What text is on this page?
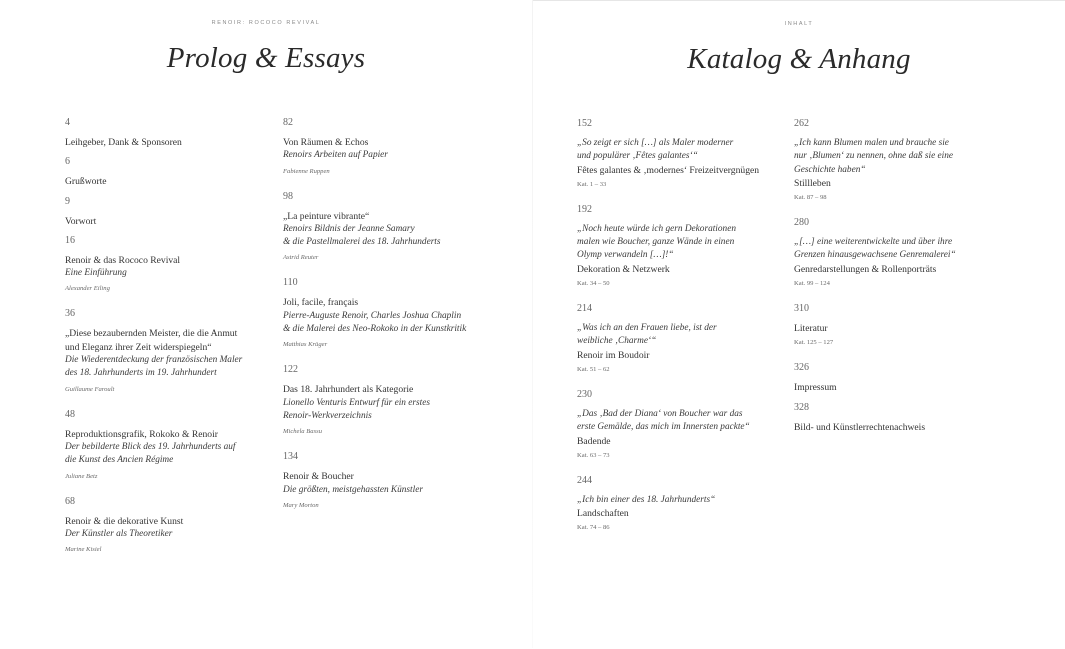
RENOIR: ROCOCO REVIVAL
Prolog & Essays
4
Leihgeber, Dank & Sponsoren
6
Grußworte
9
Vorwort
16
Renoir & das Rococo Revival
Eine Einführung
Alexander Eiling
36
„Diese bezaubernden Meister, die die Anmut
und Eleganz ihrer Zeit widerspiegeln“
Die Wiederentdeckung der französischen Maler
des 18. Jahrhunderts im 19. Jahrhundert
Guillaume Faroult
48
Reproduktionsgrafik, Rokoko & Renoir
Der bebilderte Blick des 19. Jahrhunderts auf
die Kunst des Ancien Régime
Juliane Betz
68
Renoir & die dekorative Kunst
Der Künstler als Theoretiker
Marine Kisiel
82
Von Räumen & Echos
Renoirs Arbeiten auf Papier
Fabienne Ruppen
98
„La peinture vibrante“
Renoirs Bildnis der Jeanne Samary
& die Pastellmalerei des 18. Jahrhunderts
Astrid Reuter
110
Joli, facile, français
Pierre-Auguste Renoir, Charles Joshua Chaplin
& die Malerei des Neo-Rokoko in der Kunstkritik
Matthias Krüger
122
Das 18. Jahrhundert als Kategorie
Lionello Venturis Entwurf für ein erstes
Renoir-Werkverzeichnis
Michela Bassu
134
Renoir & Boucher
Die größten, meistgehassten Künstler
Mary Morton
INHALT
Katalog & Anhang
152
„So zeigt er sich […] als Maler moderner
und populärer ‚Fêtes galantes‘“
Fêtes galantes & ‚modernes‘ Freizeitvergnügen
Kat. 1 – 33
192
„Noch heute würde ich gern Dekorationen
malen wie Boucher, ganze Wände in einen
Olymp verwandeln […]!“
Dekoration & Netzwerk
Kat. 34 – 50
214
„Was ich an den Frauen liebe, ist der
weibliche ‚Charme‘“
Renoir im Boudoir
Kat. 51 – 62
230
„Das ‚Bad der Diana‘ von Boucher war das
erste Gemälde, das mich im Innersten packte“
Badende
Kat. 63 – 73
244
„Ich bin einer des 18. Jahrhunderts“
Landschaften
Kat. 74 – 86
262
„Ich kann Blumen malen und brauche sie
nur ‚Blumen‘ zu nennen, ohne daß sie eine
Geschichte haben“
Stillleben
Kat. 87 – 98
280
„[…] eine weiterentwickelte und über ihre
Grenzen hinausgewachsene Genremalerei“
Genredarstellungen & Rollenporträts
Kat. 99 – 124
310
Literatur
Kat. 125 – 127
326
Impressum
328
Bild- und Künstlerrechtenachweis
